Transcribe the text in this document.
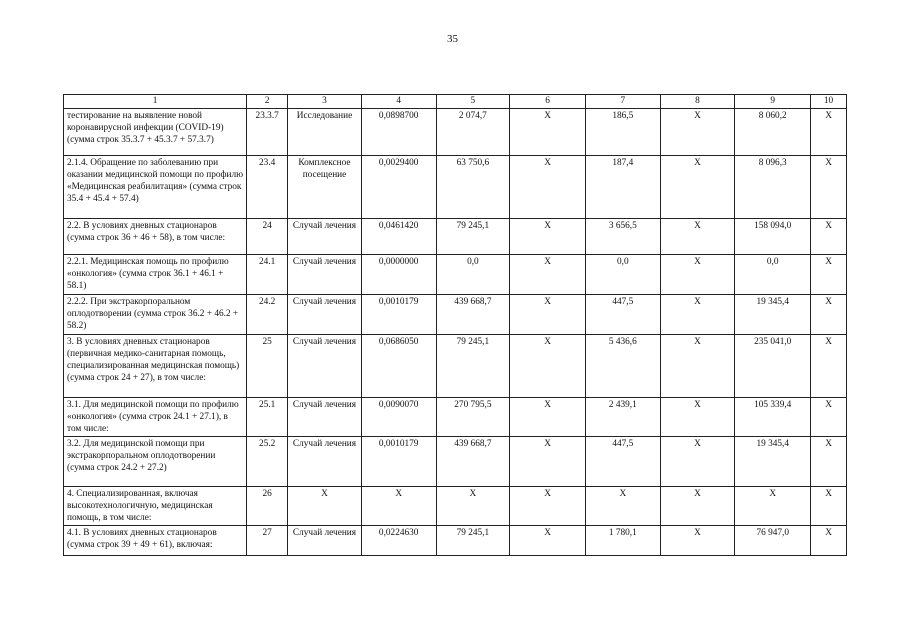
35
1	2	3	4	5	6	7	8	9	10
тестирование на выявление новой коронавирусной инфекции (COVID-19) (сумма строк 35.3.7 + 45.3.7 + 57.3.7)	23.3.7	Исследование	0,0898700	2 074,7	X	186,5	X	8 060,2	X
2.1.4. Обращение по заболеванию при оказании медицинской помощи по профилю «Медицинская реабилитация» (сумма строк 35.4 + 45.4 + 57.4)	23.4	Комплексное посещение	0,0029400	63 750,6	X	187,4	X	8 096,3	X
2.2. В условиях дневных стационаров (сумма строк 36 + 46 + 58), в том числе:	24	Случай лечения	0,0461420	79 245,1	X	3 656,5	X	158 094,0	X
2.2.1. Медицинская помощь по профилю «онкология» (сумма строк 36.1 + 46.1 + 58.1)	24.1	Случай лечения	0,0000000	0,0	X	0,0	X	0,0	X
2.2.2. При экстракорпоральном оплодотворении (сумма строк 36.2 + 46.2 + 58.2)	24.2	Случай лечения	0,0010179	439 668,7	X	447,5	X	19 345,4	X
3. В условиях дневных стационаров (первичная медико-санитарная помощь, специализированная медицинская помощь) (сумма строк 24 + 27), в том числе:	25	Случай лечения	0,0686050	79 245,1	X	5 436,6	X	235 041,0	X
3.1. Для медицинской помощи по профилю «онкология» (сумма строк 24.1 + 27.1), в том числе:	25.1	Случай лечения	0,0090070	270 795,5	X	2 439,1	X	105 339,4	X
3.2. Для медицинской помощи при экстракорпоральном оплодотворении (сумма строк 24.2 + 27.2)	25.2	Случай лечения	0,0010179	439 668,7	X	447,5	X	19 345,4	X
4. Специализированная, включая высокотехнологичную, медицинская помощь, в том числе:	26	X	X	X	X	X	X	X	X
4.1. В условиях дневных стационаров (сумма строк 39 + 49 + 61), включая:	27	Случай лечения	0,0224630	79 245,1	X	1 780,1	X	76 947,0	X
